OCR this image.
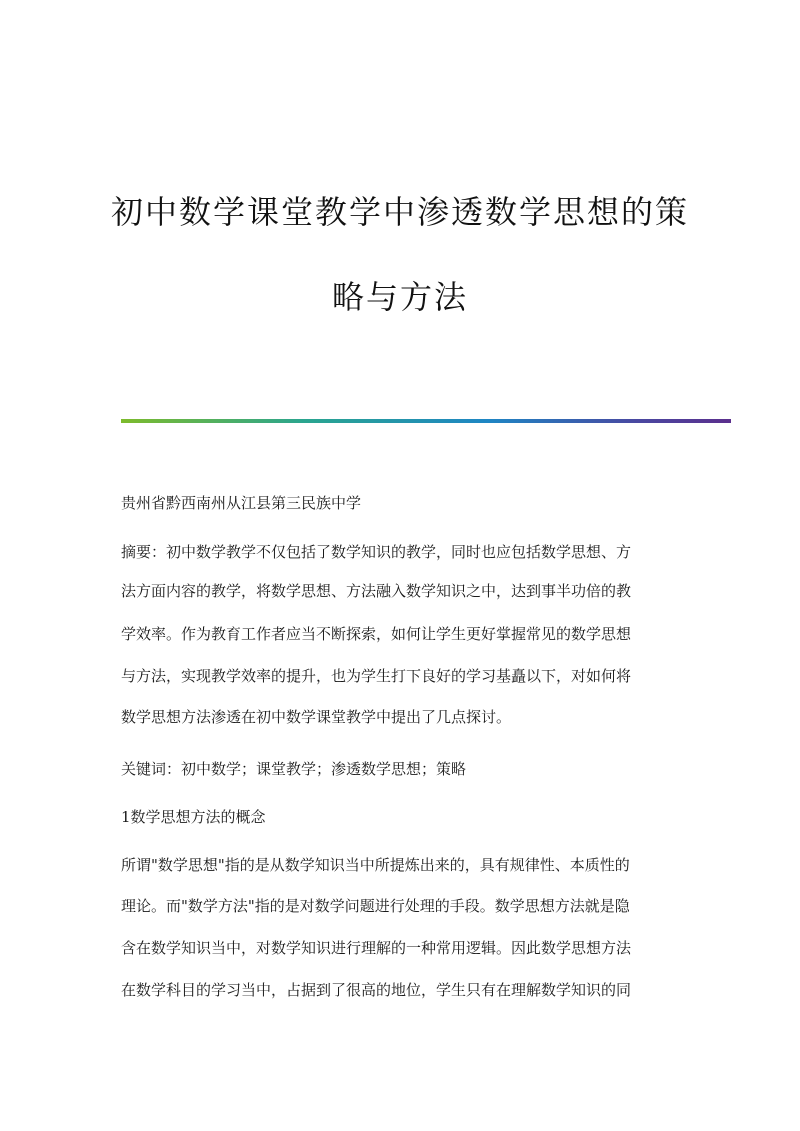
初中数学课堂教学中渗透数学思想的策
略与方法
贵州省黔西南州从江县第三民族中学
摘要：初中数学教学不仅包括了数学知识的教学，同时也应包括数学思想、方
法方面内容的教学，将数学思想、方法融入数学知识之中，达到事半功倍的教
学效率。作为教育工作者应当不断探索，如何让学生更好掌握常见的数学思想
与方法，实现教学效率的提升，也为学生打下良好的学习基矗以下，对如何将
数学思想方法渗透在初中数学课堂教学中提出了几点探讨。
关键词：初中数学；课堂教学；渗透数学思想；策略
1数学思想方法的概念
所谓"数学思想"指的是从数学知识当中所提炼出来的，具有规律性、本质性的
理论。而"数学方法"指的是对数学问题进行处理的手段。数学思想方法就是隐
含在数学知识当中，对数学知识进行理解的一种常用逻辑。因此数学思想方法
在数学科目的学习当中，占据到了很高的地位，学生只有在理解数学知识的同
